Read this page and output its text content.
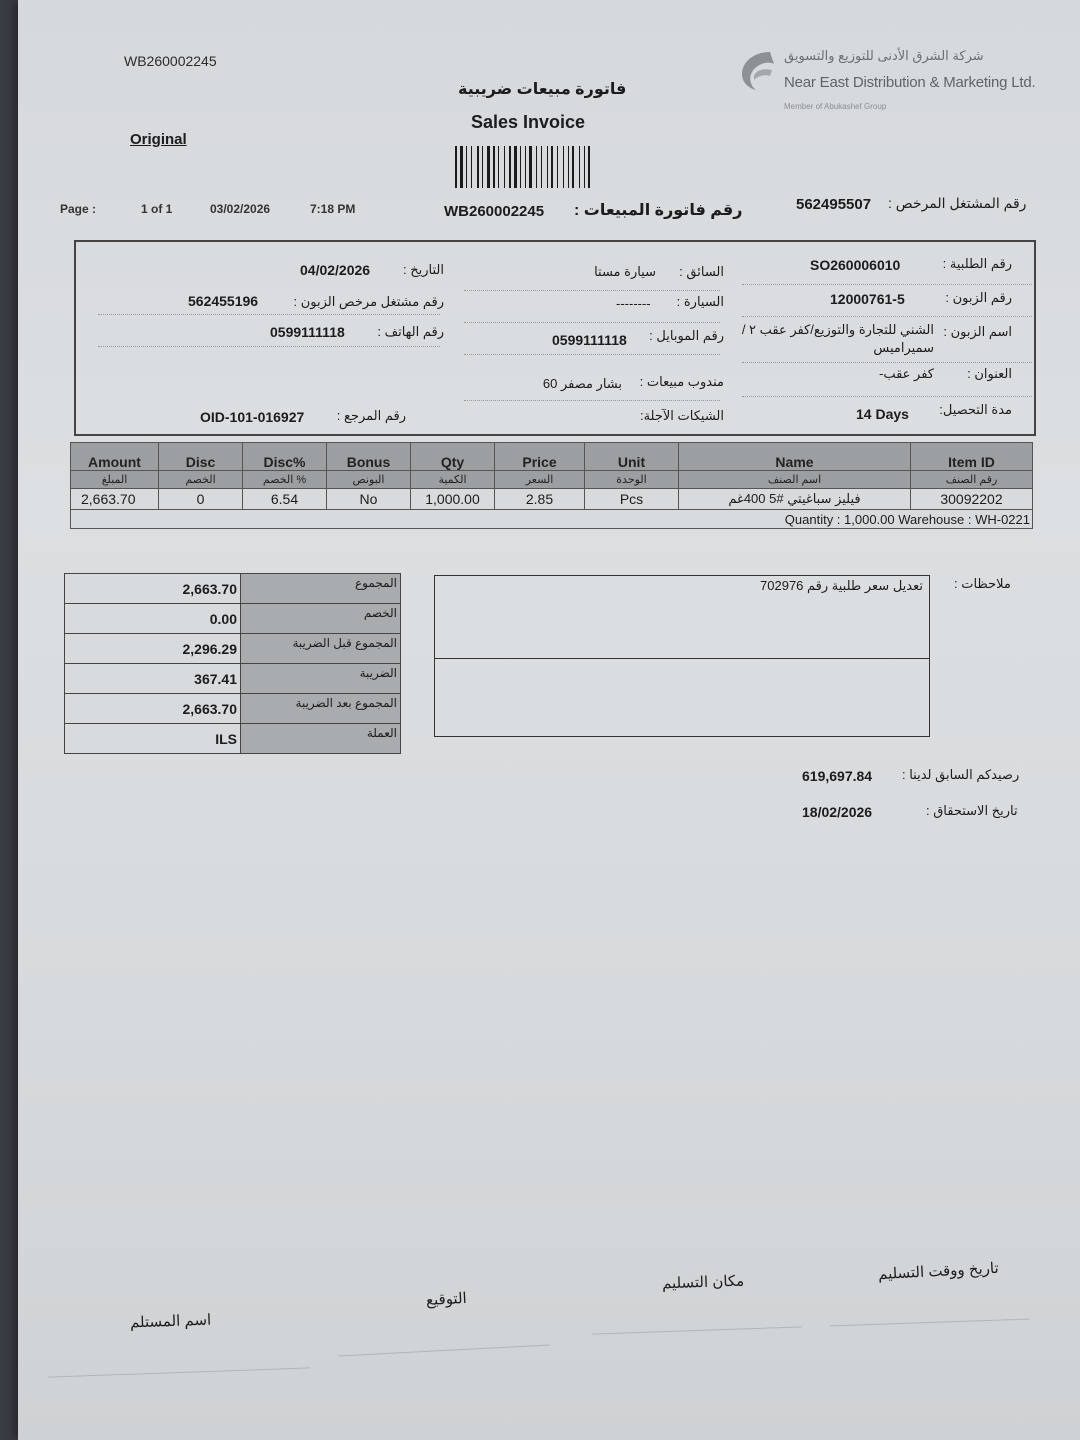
شركة الشرق الأدنى للتوزيع والتسويق
Near East Distribution & Marketing Ltd.
Member of Abukashef Group
WB260002245
فاتورة مبيعات ضريبية
Sales Invoice
Original
Page :	1 of 1	03/02/2026	7:18 PM	WB260002245 رقم فاتورة المبيعات :	562495507 رقم المشتغل المرخص :
رقم الطلبية :
SO260006010
رقم الزبون :
12000761-5
اسم الزبون :
الشني للتجارة والتوزيع/كفر عقب ٢ /
سميراميس
العنوان :
كفر عقب-
مدة التحصيل:
14 Days
السائق :
سيارة مستا
السيارة :
--------
رقم الموبايل :
0599111118
مندوب مبيعات :
بشار مصفر 60
الشيكات الآجلة:
التاريخ :
04/02/2026
رقم مشتغل مرخص الزبون :
562455196
رقم الهاتف :
0599111118
رقم المرجع :
OID-101-016927
Amount	Disc	Disc%	Bonus	Qty	Price	Unit	Name	Item ID
المبلغ	الخصم	% الخصم	البونص	الكمية	السعر	الوحدة	اسم الصنف	رقم الصنف
2,663.70	0	6.54	No	1,000.00	2.85	Pcs	فيليز سباغيتي #5 400غم	30092202
Quantity : 1,000.00 Warehouse : WH-0221								
2,663.70	المجموع
0.00	الخصم
2,296.29	المجموع قبل الضريبة
367.41	الضريبة
2,663.70	المجموع بعد الضريبة
ILS	العملة
تعديل سعر طلبية رقم 702976 ملاحظات :
619,697.84 رصيدكم السابق لدينا :
18/02/2026	تاريخ الاستحقاق :
تاريخ ووقت التسليم
مكان التسليم
التوقيع
اسم المستلم
